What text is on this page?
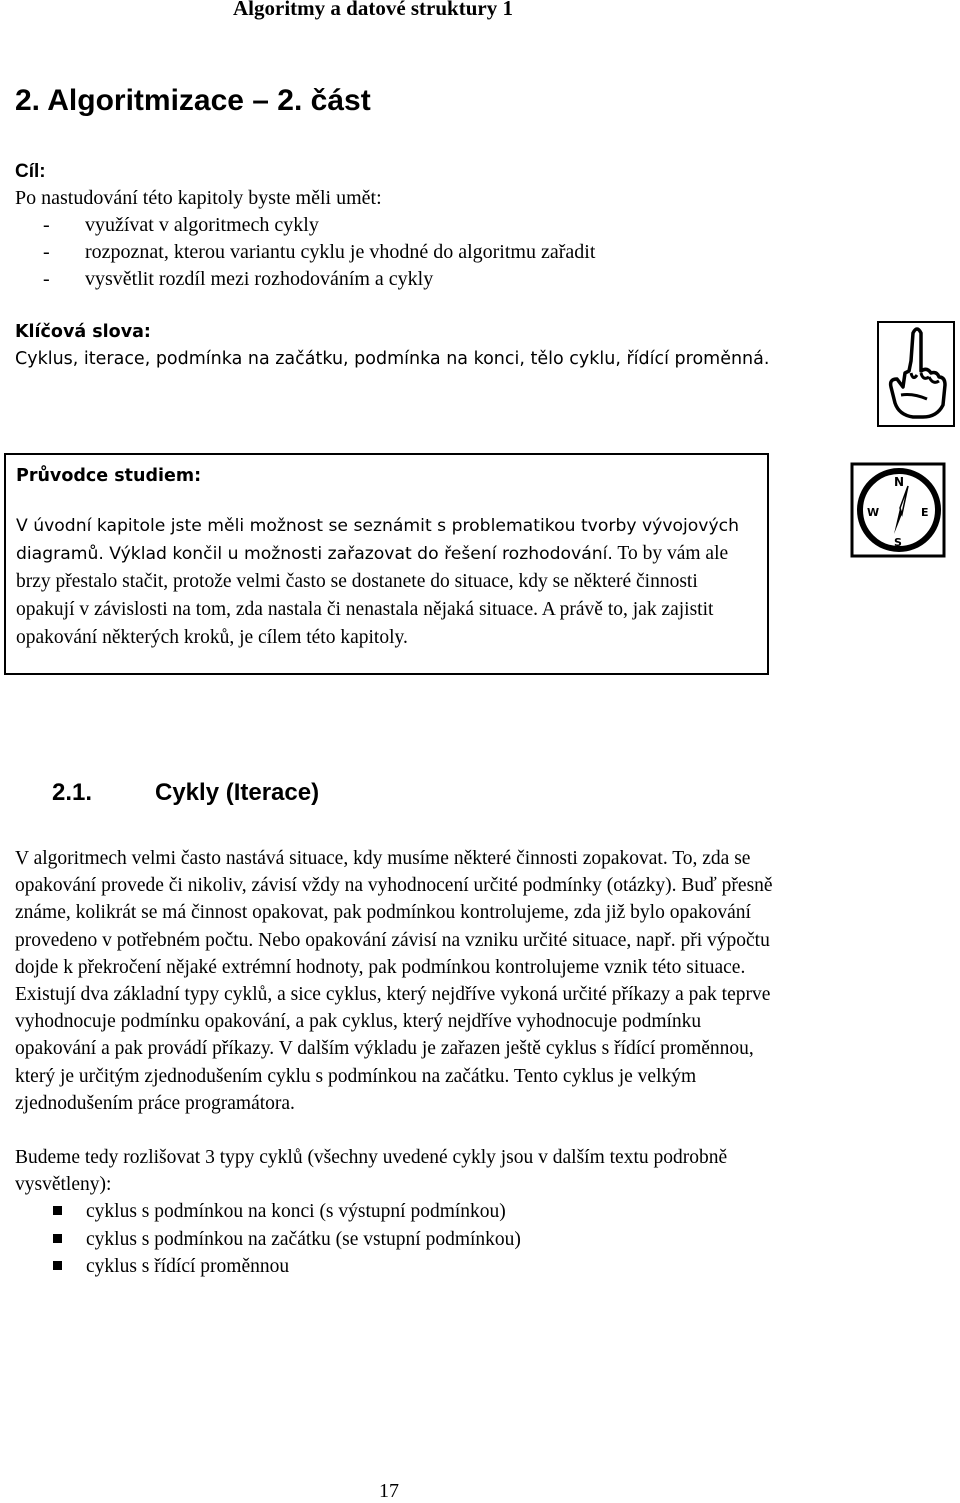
Algoritmy a datové struktury 1
2. Algoritmizace – 2. část
Cíl:
Po nastudování této kapitoly byste měli umět:
- využívat v algoritmech cykly
- rozpoznat, kterou variantu cyklu je vhodné do algoritmu zařadit
- vysvětlit rozdíl mezi rozhodováním a cykly
Klíčová slova:
Cyklus, iterace, podmínka na začátku, podmínka na konci, tělo cyklu, řídící proměnná.
N
W	E
S
Průvodce studiem:
V úvodní kapitole jste měli možnost se seznámit s problematikou tvorby vývojových diagramů. Výklad končil u možnosti zařazovat do řešení rozhodování. To by vám ale brzy přestalo stačit, protože velmi často se dostanete do situace, kdy se některé činnosti opakují v závislosti na tom, zda nastala či nenastala nějaká situace. A právě to, jak zajistit opakování některých kroků, je cílem této kapitoly.
2.1.	Cykly (Iterace)

V algoritmech velmi často nastává situace, kdy musíme některé činnosti zopakovat. To, zda se opakování provede či nikoliv, závisí vždy na vyhodnocení určité podmínky (otázky). Buď přesně známe, kolikrát se má činnost opakovat, pak podmínkou kontrolujeme, zda již bylo opakování provedeno v potřebném počtu. Nebo opakování závisí na vzniku určité situace, např. při výpočtu dojde k překročení nějaké extrémní hodnoty, pak podmínkou kontrolujeme vznik této situace.

Existují dva základní typy cyklů, a sice cyklus, který nejdříve vykoná určité příkazy a pak teprve vyhodnocuje podmínku opakování, a pak cyklus, který nejdříve vyhodnocuje podmínku opakování a pak provádí příkazy. V dalším výkladu je zařazen ještě cyklus s řídící proměnnou, který je určitým zjednodušením cyklu s podmínkou na začátku. Tento cyklus je velkým zjednodušením práce programátora.

Budeme tedy rozlišovat 3 typy cyklů (všechny uvedené cykly jsou v dalším textu podrobně vysvětleny):

cyklus s podmínkou na konci (s výstupní podmínkou)
cyklus s podmínkou na začátku (se vstupní podmínkou)
cyklus s řídící proměnnou
17
